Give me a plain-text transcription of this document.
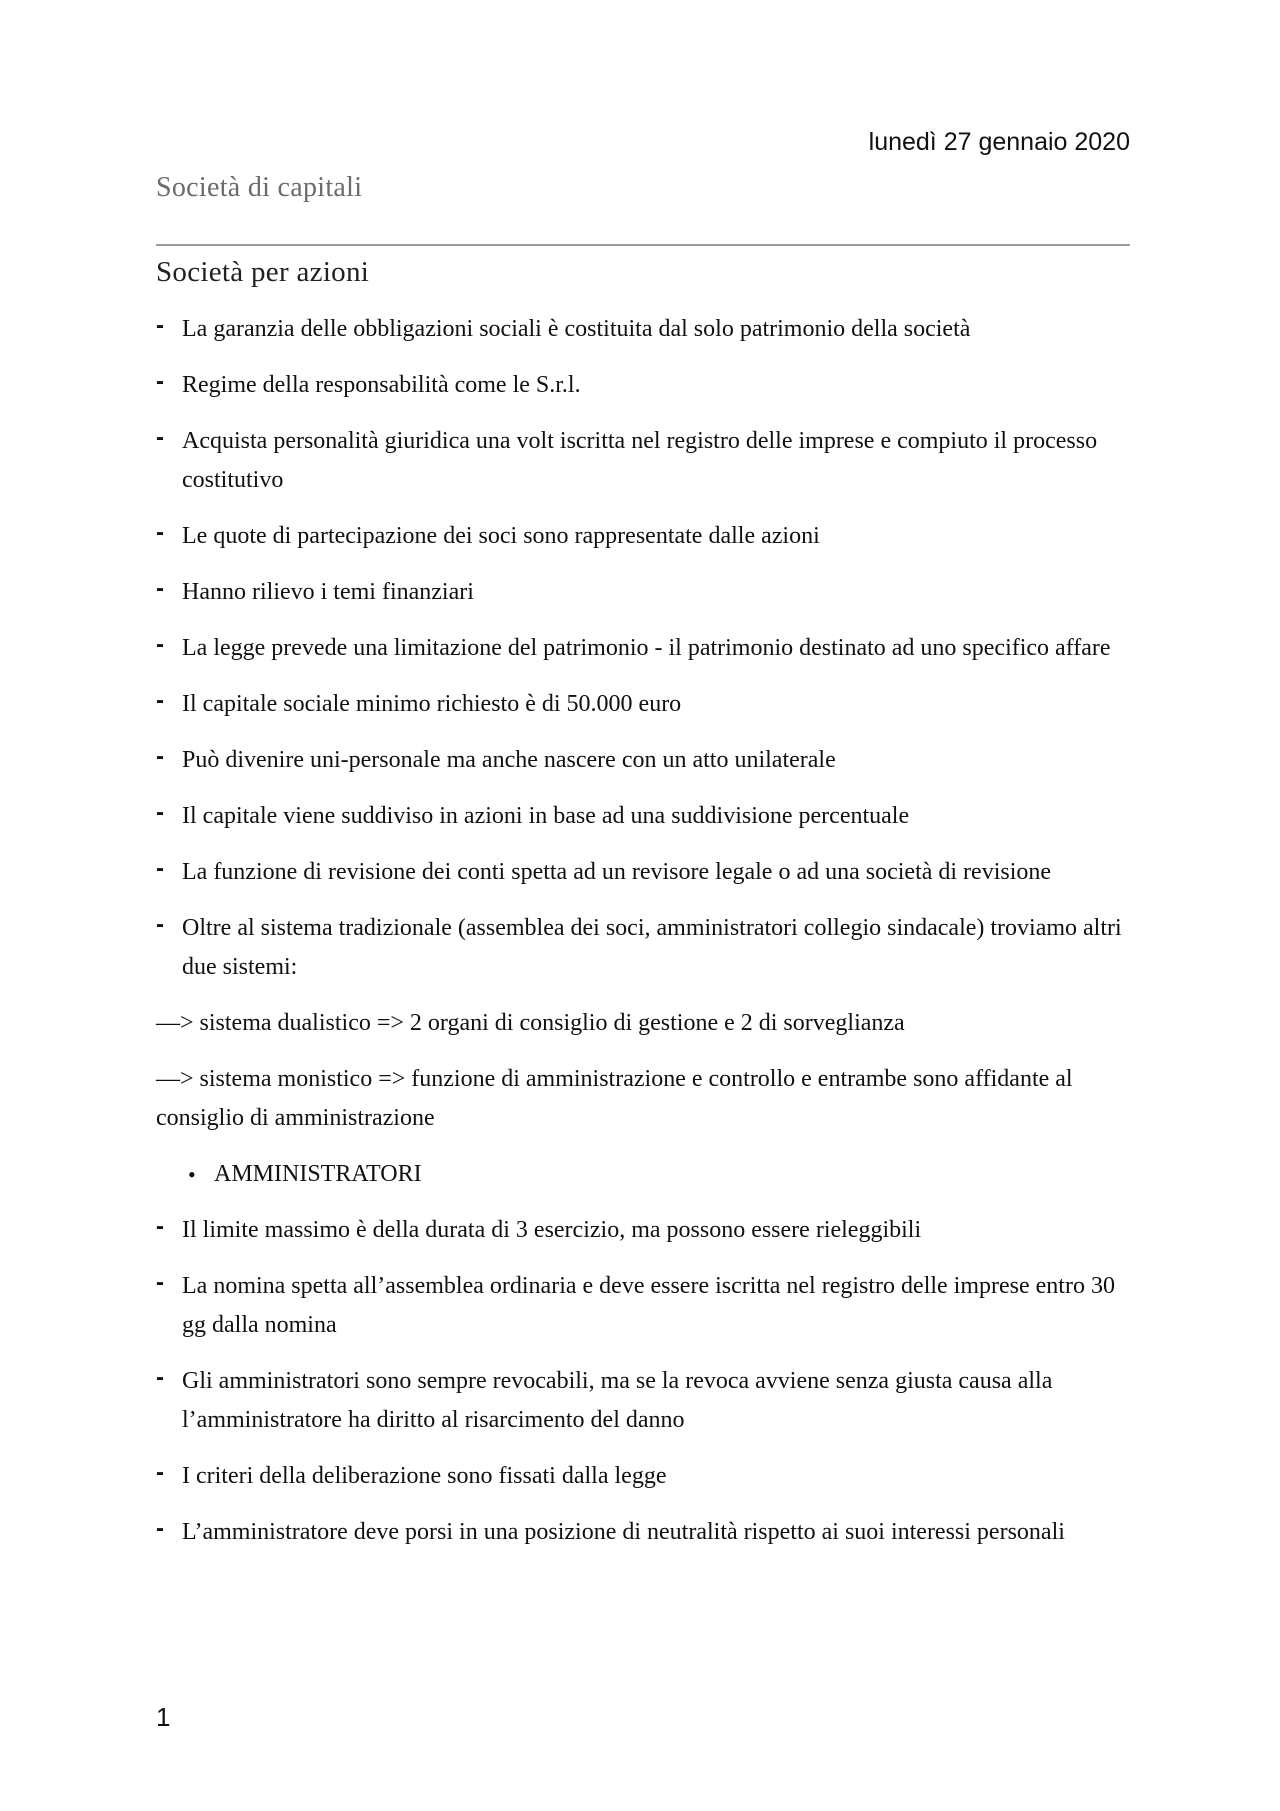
lunedì 27 gennaio 2020
Società di capitali
Società per azioni
- La garanzia delle obbligazioni sociali è costituita dal solo patrimonio della società
- Regime della responsabilità come le S.r.l.
- Acquista personalità giuridica una volt iscritta nel registro delle imprese e compiuto il processo costitutivo
- Le quote di partecipazione dei soci sono rappresentate dalle azioni
- Hanno rilievo i temi finanziari
- La legge prevede una limitazione del patrimonio - il patrimonio destinato ad uno specifico affare
- Il capitale sociale minimo richiesto è di 50.000 euro
- Può divenire uni-personale ma anche nascere con un atto unilaterale
- Il capitale viene suddiviso in azioni in base ad una suddivisione percentuale
- La funzione di revisione dei conti spetta ad un revisore legale o ad una società di revisione
- Oltre al sistema tradizionale (assemblea dei soci, amministratori collegio sindacale) troviamo altri due sistemi:
—> sistema dualistico => 2 organi di consiglio di gestione e 2 di sorveglianza
—> sistema monistico => funzione di amministrazione e controllo e entrambe sono affidante al consiglio di amministrazione
• AMMINISTRATORI
- Il limite massimo è della durata di 3 esercizio, ma possono essere rieleggibili
- La nomina spetta all’assemblea ordinaria e deve essere iscritta nel registro delle imprese entro 30 gg dalla nomina
- Gli amministratori sono sempre revocabili, ma se la revoca avviene senza giusta causa alla l’amministratore ha diritto al risarcimento del danno
- I criteri della deliberazione sono fissati dalla legge
- L’amministratore deve porsi in una posizione di neutralità rispetto ai suoi interessi personali
1
